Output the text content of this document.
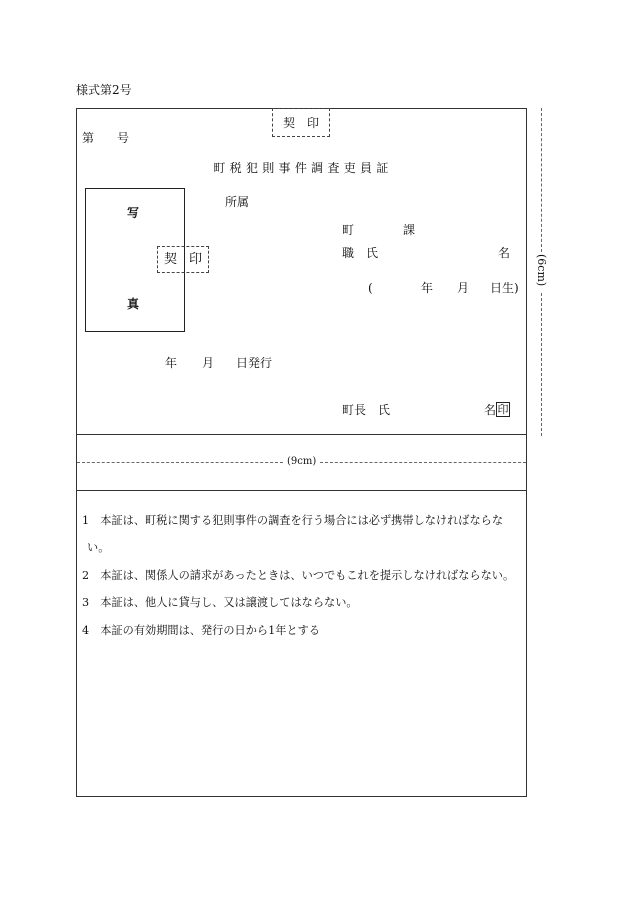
様式第2号
契 印
第 号
町税犯則事件調査吏員証
写
真
契 印
所属
町	課
職 氏	名
(	年 月 日生)
年 月 日発行
町長 氏	名 印
(6cm)
(9cm)
1　本証は、町税に関する犯則事件の調査を行う場合には必ず携帯しなければならな
い。
2　本証は、関係人の請求があったときは、いつでもこれを提示しなければならない。
3　本証は、他人に貸与し、又は譲渡してはならない。
4　本証の有効期間は、発行の日から1年とする
